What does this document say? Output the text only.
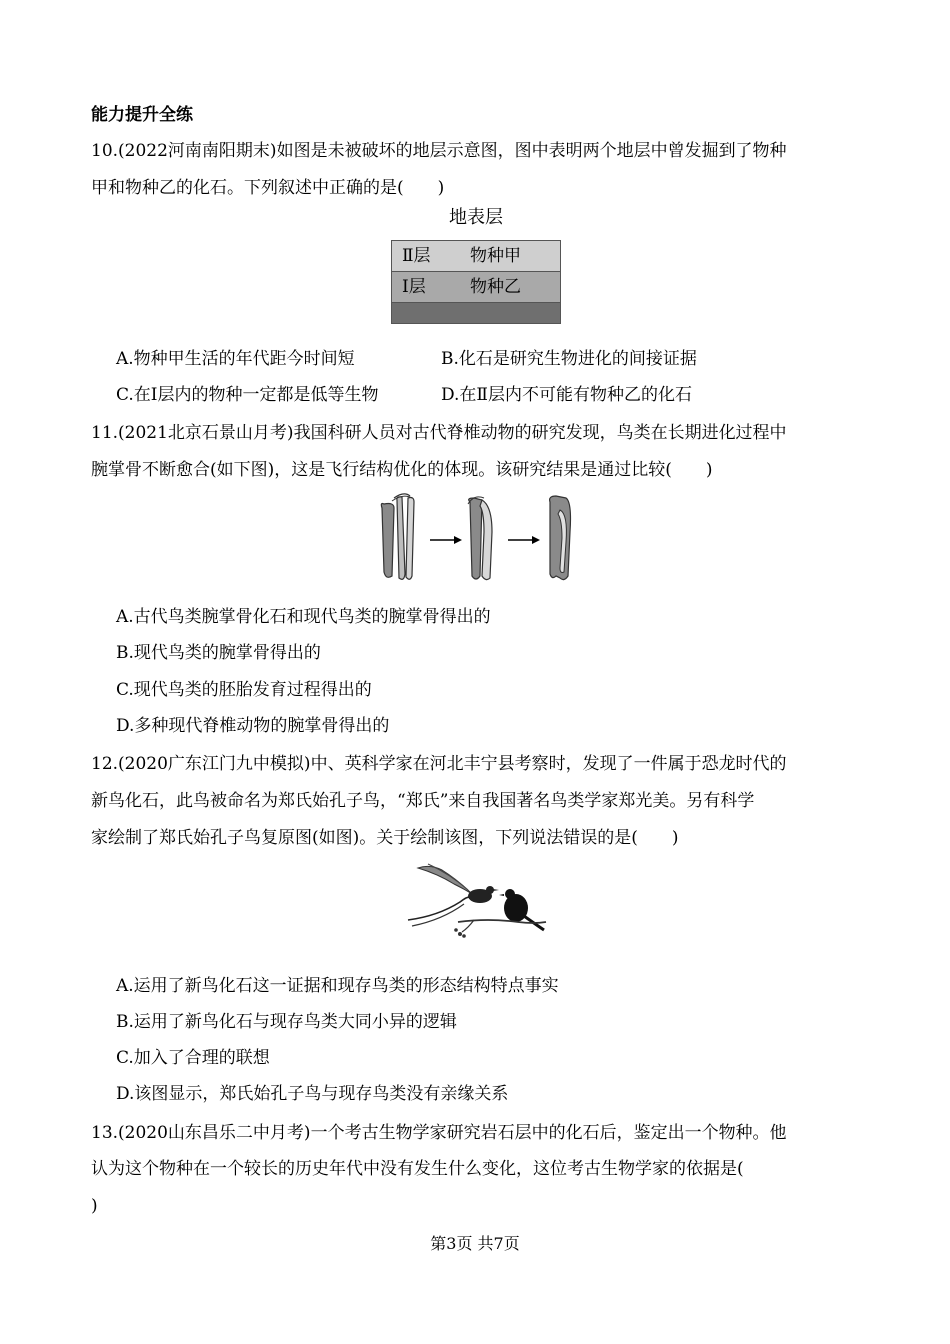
能力提升全练
10.(2022河南南阳期末)如图是未被破坏的地层示意图，图中表明两个地层中曾发掘到了物种
甲和物种乙的化石。下列叙述中正确的是(　　)
地表层
Ⅱ层 物种甲
Ⅰ层	物种乙
A.物种甲生活的年代距今时间短	B.化石是研究生物进化的间接证据
C.在Ⅰ层内的物种一定都是低等生物	D.在Ⅱ层内不可能有物种乙的化石
11.(2021北京石景山月考)我国科研人员对古代脊椎动物的研究发现，鸟类在长期进化过程中
腕掌骨不断愈合(如下图)，这是飞行结构优化的体现。该研究结果是通过比较(　　)
A.古代鸟类腕掌骨化石和现代鸟类的腕掌骨得出的
B.现代鸟类的腕掌骨得出的
C.现代鸟类的胚胎发育过程得出的
D.多种现代脊椎动物的腕掌骨得出的
12.(2020广东江门九中模拟)中、英科学家在河北丰宁县考察时，发现了一件属于恐龙时代的
新鸟化石，此鸟被命名为郑氏始孔子鸟，“郑氏”来自我国著名鸟类学家郑光美。另有科学
家绘制了郑氏始孔子鸟复原图(如图)。关于绘制该图，下列说法错误的是(　　)
A.运用了新鸟化石这一证据和现存鸟类的形态结构特点事实
B.运用了新鸟化石与现存鸟类大同小异的逻辑
C.加入了合理的联想
D.该图显示，郑氏始孔子鸟与现存鸟类没有亲缘关系
13.(2020山东昌乐二中月考)一个考古生物学家研究岩石层中的化石后，鉴定出一个物种。他
认为这个物种在一个较长的历史年代中没有发生什么变化，这位考古生物学家的依据是(
)
第3页 共7页
